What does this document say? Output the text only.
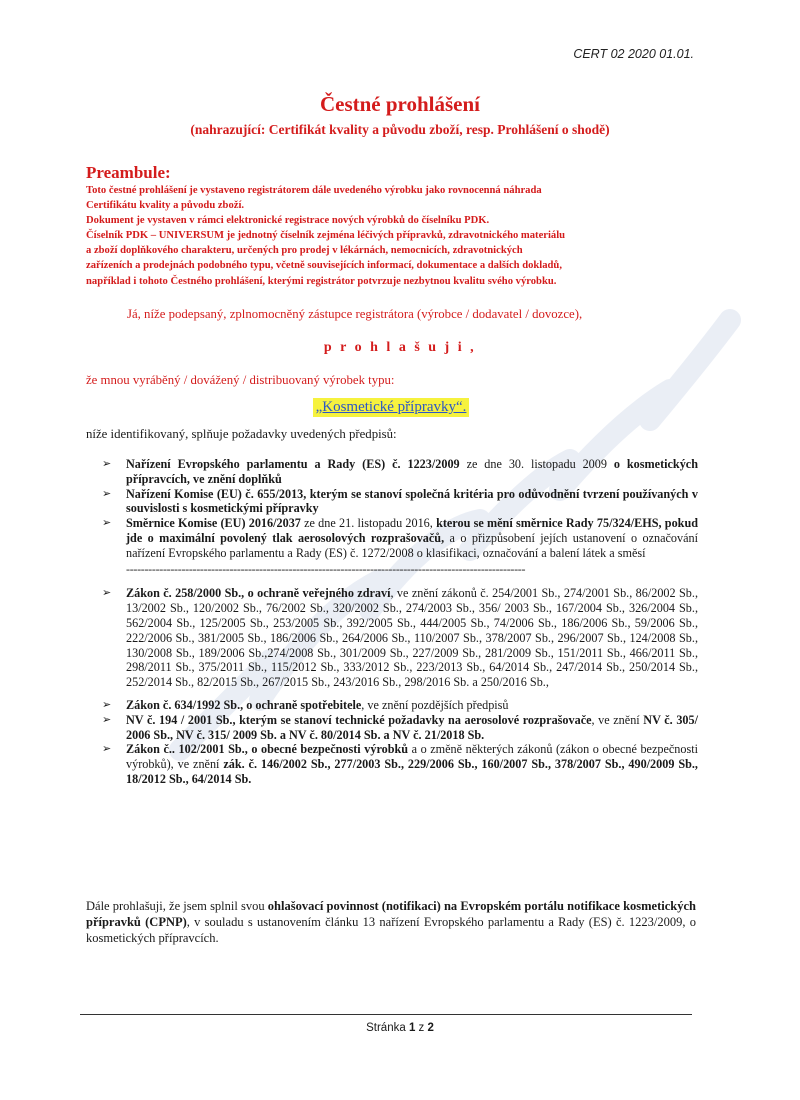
CERT 02 2020 01.01.
Čestné prohlášení
(nahrazující: Certifikát kvality a původu zboží, resp. Prohlášení o shodě)
Preambule:
Toto čestné prohlášení je vystaveno registrátorem dále uvedeného výrobku jako rovnocenná náhrada
Certifikátu kvality a původu zboží.
Dokument je vystaven v rámci elektronické registrace nových výrobků do číselníku PDK.
Číselník PDK – UNIVERSUM je jednotný číselník zejména léčivých přípravků, zdravotnického materiálu
a zboží doplňkového charakteru, určených pro prodej v lékárnách, nemocnicích, zdravotnických
zařízeních a prodejnách podobného typu, včetně souvisejících informací, dokumentace a dalších dokladů,
například i tohoto Čestného prohlášení, kterými registrátor potvrzuje nezbytnou kvalitu svého výrobku.
Já, níže podepsaný, zplnomocněný zástupce registrátora (výrobce / dodavatel / dovozce),
p r o h l a š u j i ,
že mnou vyráběný / dovážený / distribuovaný výrobek typu:
„Kosmetické přípravky“.
níže identifikovaný, splňuje požadavky uvedených předpisů:

➢ Nařízení Evropského parlamentu a Rady (ES) č. 1223/2009 ze dne 30. listopadu 2009 o kosmetických přípravcích, ve znění doplňků

➢ Nařízení Komise (EU) č. 655/2013, kterým se stanoví společná kritéria pro odůvodnění tvrzení používaných v souvislosti s kosmetickými přípravky

➢ Směrnice Komise (EU) 2016/2037 ze dne 21. listopadu 2016, kterou se mění směrnice Rady 75/324/EHS, pokud jde o maximální povolený tlak aerosolových rozprašovačů, a o přizpůsobení jejích ustanovení o označování nařízení Evropského parlamentu a Rady (ES) č. 1272/2008 o klasifikaci, označování a balení látek a směsí

------------------------------------------------------------------------------------------------------------

➢ Zákon č. 258/2000 Sb., o ochraně veřejného zdraví, ve znění zákonů č. 254/2001 Sb., 274/2001 Sb., 86/2002 Sb., 13/2002 Sb., 120/2002 Sb., 76/2002 Sb., 320/2002 Sb., 274/2003 Sb., 356/ 2003 Sb., 167/2004 Sb., 326/2004 Sb., 562/2004 Sb., 125/2005 Sb., 253/2005 Sb., 392/2005 Sb., 444/2005 Sb., 74/2006 Sb., 186/2006 Sb., 59/2006 Sb., 222/2006 Sb., 381/2005 Sb., 186/2006 Sb., 264/2006 Sb., 110/2007 Sb., 378/2007 Sb., 296/2007 Sb., 124/2008 Sb., 130/2008 Sb., 189/2006 Sb.,274/2008 Sb., 301/2009 Sb., 227/2009 Sb., 281/2009 Sb., 151/2011 Sb., 466/2011 Sb., 298/2011 Sb., 375/2011 Sb., 115/2012 Sb., 333/2012 Sb., 223/2013 Sb., 64/2014 Sb., 247/2014 Sb., 250/2014 Sb., 252/2014 Sb., 82/2015 Sb., 267/2015 Sb., 243/2016 Sb., 298/2016 Sb. a 250/2016 Sb.,

➢ Zákon č. 634/1992 Sb., o ochraně spotřebitele, ve znění pozdějších předpisů

➢ NV č. 194 / 2001 Sb., kterým se stanoví technické požadavky na aerosolové rozprašovače, ve znění NV č. 305/ 2006 Sb., NV č. 315/ 2009 Sb. a NV č. 80/2014 Sb. a NV č. 21/2018 Sb.

➢ Zákon č.. 102/2001 Sb., o obecné bezpečnosti výrobků a o změně některých zákonů (zákon o obecné bezpečnosti výrobků), ve znění zák. č. 146/2002 Sb., 277/2003 Sb., 229/2006 Sb., 160/2007 Sb., 378/2007 Sb., 490/2009 Sb., 18/2012 Sb., 64/2014 Sb.

Dále prohlašuji, že jsem splnil svou ohlašovací povinnost (notifikaci) na Evropském portálu notifikace kosmetických přípravků (CPNP), v souladu s ustanovením článku 13 nařízení Evropského parlamentu a Rady (ES) č. 1223/2009, o kosmetických přípravcích.
Stránka 1 z 2
